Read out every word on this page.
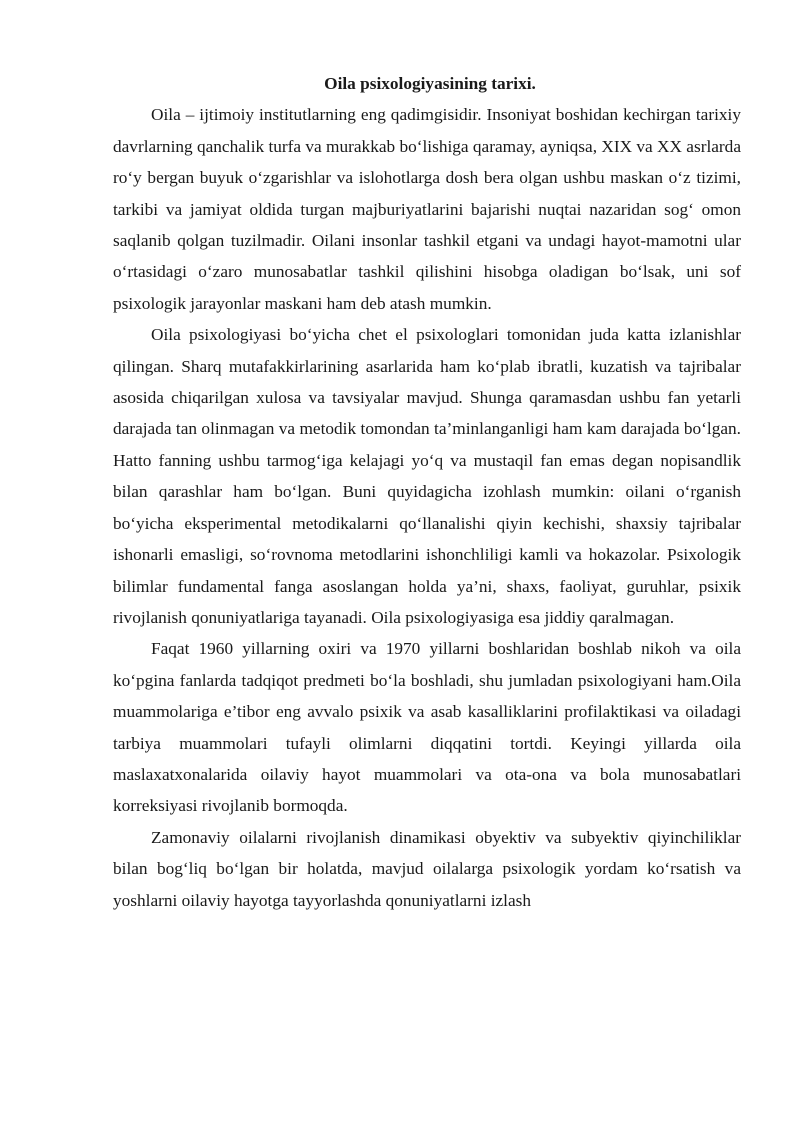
Oila psixologiyasining tarixi.

Oila – ijtimoiy institutlarning eng qadimgisidir. Insoniyat boshidan kechirgan tarixiy davrlarning qanchalik turfa va murakkab bo‘lishiga qaramay, ayniqsa, XIX va XX asrlarda ro‘y bergan buyuk o‘zgarishlar va islohotlarga dosh bera olgan ushbu maskan o‘z tizimi, tarkibi va jamiyat oldida turgan majburiyatlarini bajarishi nuqtai nazaridan sog‘ omon saqlanib qolgan tuzilmadir. Oilani insonlar tashkil etgani va undagi hayot-mamotni ular o‘rtasidagi o‘zaro munosabatlar tashkil qilishini hisobga oladigan bo‘lsak, uni sof psixologik jarayonlar maskani ham deb atash mumkin.

Oila psixologiyasi bo‘yicha chet el psixologlari tomonidan juda katta izlanishlar qilingan. Sharq mutafakkirlarining asarlarida ham ko‘plab ibratli, kuzatish va tajribalar asosida chiqarilgan xulosa va tavsiyalar mavjud. Shunga qaramasdan ushbu fan yetarli darajada tan olinmagan va metodik tomondan ta’minlanganligi ham kam darajada bo‘lgan. Hatto fanning ushbu tarmog‘iga kelajagi yo‘q va mustaqil fan emas degan nopisandlik bilan qarashlar ham bo‘lgan. Buni quyidagicha izohlash mumkin: oilani o‘rganish bo‘yicha eksperimental metodikalarni qo‘llanalishi qiyin kechishi, shaxsiy tajribalar ishonarli emasligi, so‘rovnoma metodlarini ishonchliligi kamli va hokazolar. Psixologik bilimlar fundamental fanga asoslangan holda ya’ni, shaxs, faoliyat, guruhlar, psixik rivojlanish qonuniyatlariga tayanadi. Oila psixologiyasiga esa jiddiy qaralmagan.

Faqat 1960 yillarning oxiri va 1970 yillarni boshlaridan boshlab nikoh va oila ko‘pgina fanlarda tadqiqot predmeti bo‘la boshladi, shu jumladan psixologiyani ham.Oila muammolariga e’tibor eng avvalo psixik va asab kasalliklarini profilaktikasi va oiladagi tarbiya muammolari tufayli olimlarni diqqatini tortdi. Keyingi yillarda oila maslaxatxonalarida oilaviy hayot muammolari va ota-ona va bola munosabatlari korreksiyasi rivojlanib bormoqda.

Zamonaviy oilalarni rivojlanish dinamikasi obyektiv va subyektiv qiyinchiliklar bilan bog‘liq bo‘lgan bir holatda, mavjud oilalarga psixologik yordam ko‘rsatish va yoshlarni oilaviy hayotga tayyorlashda qonuniyatlarni izlash
